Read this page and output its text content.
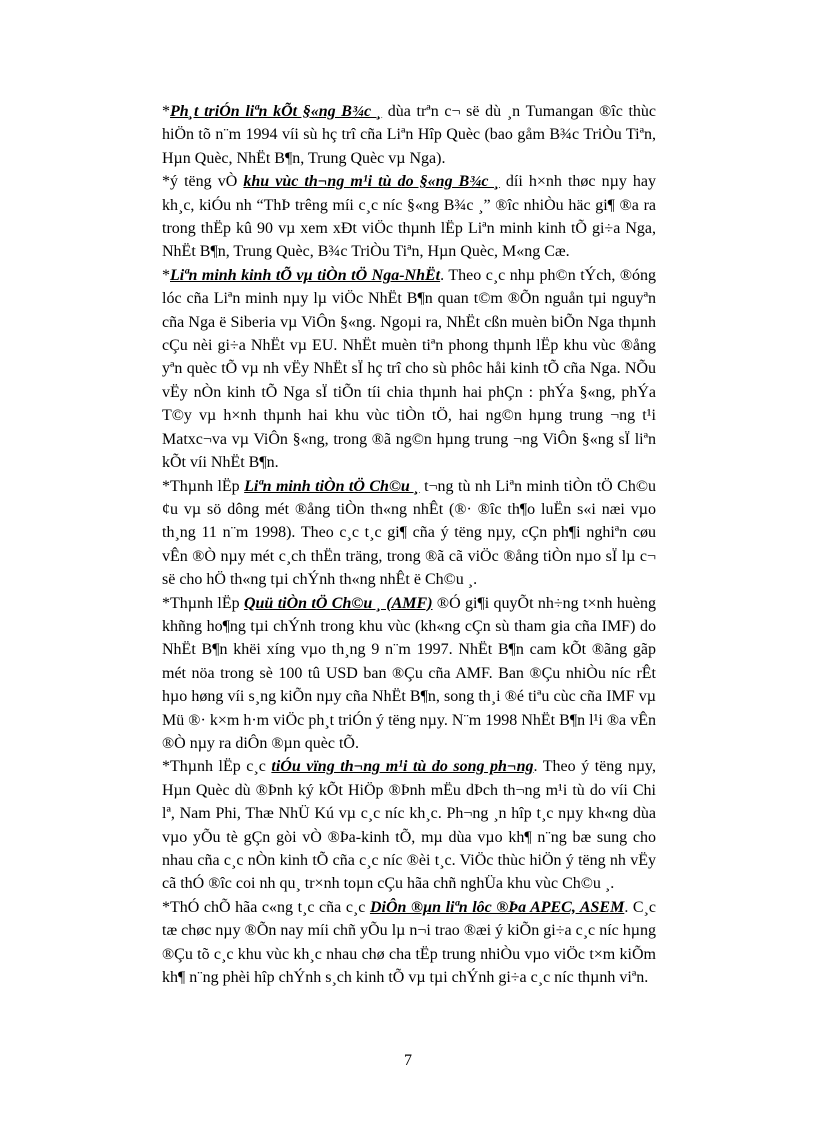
*Ph¸t triÓn liªn kÕt §«ng B¾c ¸ dùa trªn c¬ së dù ¸n Tumangan ®îc thùc hiÖn tõ n¨m 1994 víi sù hç trî cña Liªn Hîp Quèc (bao gåm B¾c TriÒu Tiªn, Hµn Quèc, NhËt B¶n, Trung Quèc vµ Nga).

*ý tëng vÒ khu vùc th¬ng m¹i tù do §«ng B¾c ¸ díi h×nh thøc nµy hay kh¸c, kiÓu nh “ThÞ trêng míi c¸c níc §«ng B¾c ¸” ®îc nhiÒu häc gi¶ ®a ra trong thËp kû 90 vµ xem xÐt viÖc thµnh lËp Liªn minh kinh tÕ gi÷a Nga, NhËt B¶n, Trung Quèc, B¾c TriÒu Tiªn, Hµn Quèc, M«ng Cæ.

*Liªn minh kinh tÕ vµ tiÒn tÖ Nga-NhËt. Theo c¸c nhµ ph©n tÝch, ®óng lóc cña Liªn minh nµy lµ viÖc NhËt B¶n quan t©m ®Õn nguån tµi nguyªn cña Nga ë Siberia vµ ViÔn §«ng. Ngoµi ra, NhËt cßn muèn biÕn Nga thµnh cÇu nèi gi÷a NhËt vµ EU. NhËt muèn tiªn phong thµnh lËp khu vùc ®ång yªn quèc tÕ vµ nh vËy NhËt sÏ hç trî cho sù phôc håi kinh tÕ cña Nga. NÕu vËy nÒn kinh tÕ Nga sÏ tiÕn tíi chia thµnh hai phÇn : phÝa §«ng, phÝa T©y vµ h×nh thµnh hai khu vùc tiÒn tÖ, hai ng©n hµng trung ¬ng t¹i Matxc¬va vµ ViÔn §«ng, trong ®ã ng©n hµng trung ¬ng ViÔn §«ng sÏ liªn kÕt víi NhËt B¶n.

*Thµnh lËp Liªn minh tiÒn tÖ Ch©u ¸ t¬ng tù nh Liªn minh tiÒn tÖ Ch©u ¢u vµ sö dông mét ®ång tiÒn th«ng nhÊt (®· ®îc th¶o luËn s«i næi vµo th¸ng 11 n¨m 1998). Theo c¸c t¸c gi¶ cña ý tëng nµy, cÇn ph¶i nghiªn cøu vÊn ®Ò nµy mét c¸ch thËn träng, trong ®ã cã viÖc ®ång tiÒn nµo sÏ lµ c¬ së cho hÖ th«ng tµi chÝnh th«ng nhÊt ë Ch©u ¸.

*Thµnh lËp Quü tiÒn tÖ Ch©u ¸ (AMF) ®Ó gi¶i quyÕt nh÷ng t×nh huèng khñng ho¶ng tµi chÝnh trong khu vùc (kh«ng cÇn sù tham gia cña IMF) do NhËt B¶n khëi xíng vµo th¸ng 9 n¨m 1997. NhËt B¶n cam kÕt ®ãng gãp mét nöa trong sè 100 tû USD ban ®Çu cña AMF. Ban ®Çu nhiÒu níc rÊt hµo høng víi s¸ng kiÕn nµy cña NhËt B¶n, song th¸i ®é tiªu cùc cña IMF vµ Mü ®· k×m h·m viÖc ph¸t triÓn ý tëng nµy. N¨m 1998 NhËt B¶n l¹i ®a vÊn ®Ò nµy ra diÔn ®µn quèc tÕ.

*Thµnh lËp c¸c tiÓu vïng th¬ng m¹i tù do song ph¬ng. Theo ý tëng nµy, Hµn Quèc dù ®Þnh ký kÕt HiÖp ®Þnh mËu dÞch th¬ng m¹i tù do víi Chi lª, Nam Phi, Thæ NhÜ Kú vµ c¸c níc kh¸c. Ph¬ng ¸n hîp t¸c nµy kh«ng dùa vµo yÕu tè gÇn gòi vÒ ®Þa-kinh tÕ, mµ dùa vµo kh¶ n¨ng bæ sung cho nhau cña c¸c nÒn kinh tÕ cña c¸c níc ®èi t¸c. ViÖc thùc hiÖn ý tëng nh vËy cã thÓ ®îc coi nh qu¸ tr×nh toµn cÇu hãa chñ nghÜa khu vùc Ch©u ¸.

*ThÓ chÕ hãa c«ng t¸c cña c¸c DiÔn ®µn liªn lôc ®Þa APEC, ASEM. C¸c tæ chøc nµy ®Õn nay míi chñ yÕu lµ n¬i trao ®æi ý kiÕn gi÷a c¸c níc hµng ®Çu tõ c¸c khu vùc kh¸c nhau chø cha tËp trung nhiÒu vµo viÖc t×m kiÕm kh¶ n¨ng phèi hîp chÝnh s¸ch kinh tÕ vµ tµi chÝnh gi÷a c¸c níc thµnh viªn.

7
